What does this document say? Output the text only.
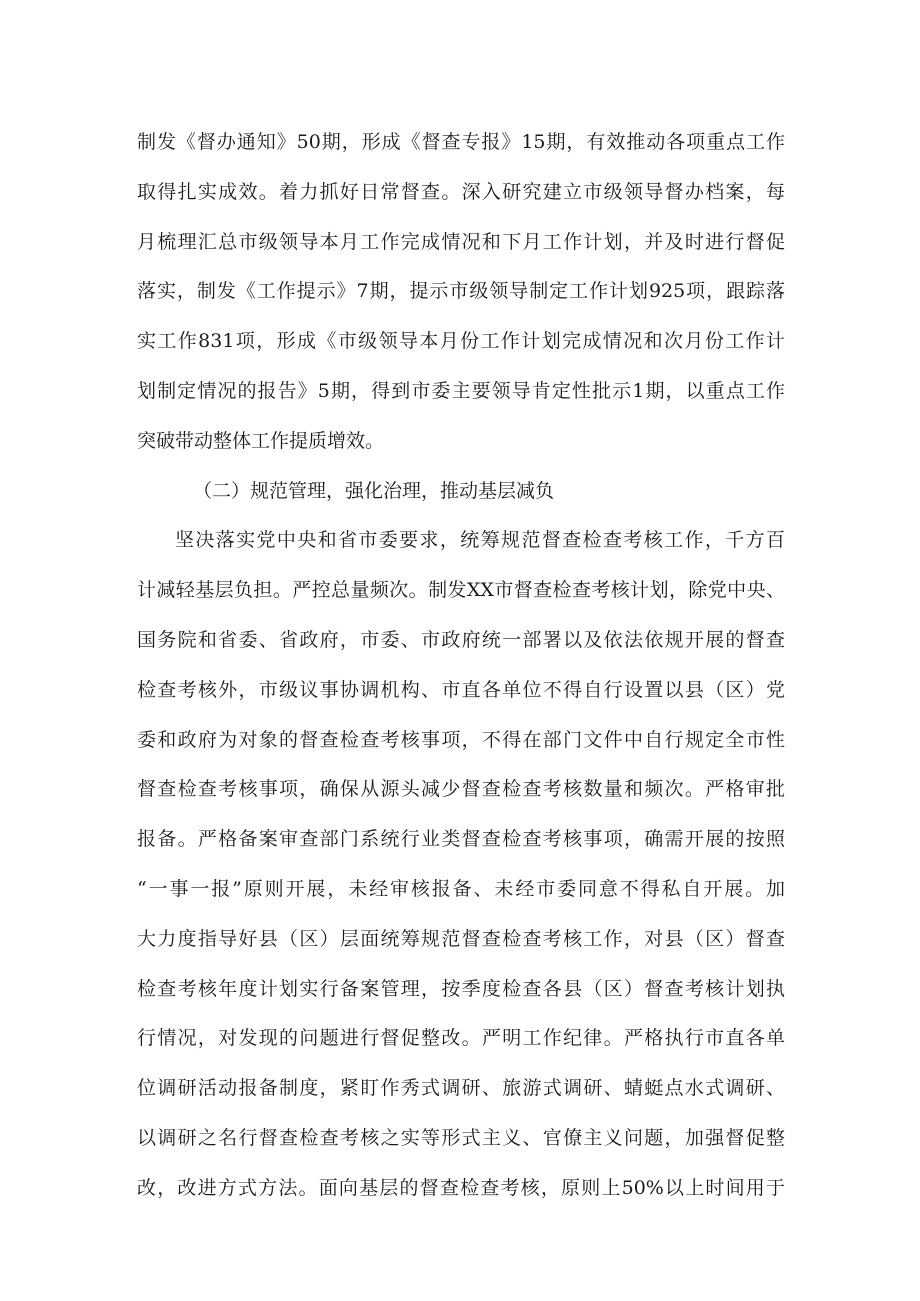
制发《督办通知》50期，形成《督查专报》15期，有效推动各项重点工作
取得扎实成效。着力抓好日常督查。深入研究建立市级领导督办档案，每
月梳理汇总市级领导本月工作完成情况和下月工作计划，并及时进行督促
落实，制发《工作提示》7期，提示市级领导制定工作计划925项，跟踪落
实工作831项，形成《市级领导本月份工作计划完成情况和次月份工作计
划制定情况的报告》5期，得到市委主要领导肯定性批示1期，以重点工作
突破带动整体工作提质增效。
（二）规范管理，强化治理，推动基层减负
坚决落实党中央和省市委要求，统筹规范督查检查考核工作，千方百
计减轻基层负担。严控总量频次。制发XX市督查检查考核计划，除党中央、
国务院和省委、省政府，市委、市政府统一部署以及依法依规开展的督查
检查考核外，市级议事协调机构、市直各单位不得自行设置以县（区）党
委和政府为对象的督查检查考核事项，不得在部门文件中自行规定全市性
督查检查考核事项，确保从源头减少督查检查考核数量和频次。严格审批
报备。严格备案审查部门系统行业类督查检查考核事项，确需开展的按照
“一事一报”原则开展，未经审核报备、未经市委同意不得私自开展。加
大力度指导好县（区）层面统筹规范督查检查考核工作，对县（区）督查
检查考核年度计划实行备案管理，按季度检查各县（区）督查考核计划执
行情况，对发现的问题进行督促整改。严明工作纪律。严格执行市直各单
位调研活动报备制度，紧盯作秀式调研、旅游式调研、蜻蜓点水式调研、
以调研之名行督查检查考核之实等形式主义、官僚主义问题，加强督促整
改，改进方式方法。面向基层的督查检查考核，原则上50%以上时间用于
